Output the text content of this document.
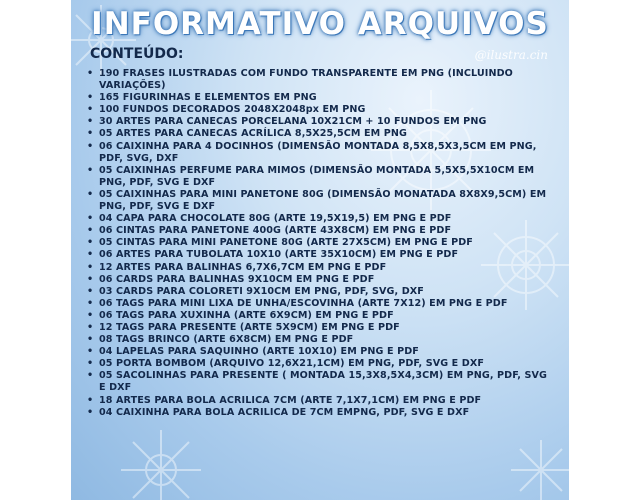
INFORMATIVO ARQUIVOS
CONTEÚDO:	@ilustra.cin
• 190 FRASES ILUSTRADAS COM FUNDO TRANSPARENTE EM PNG (INCLUINDO VARIAÇÕES)
• 165 FIGURINHAS E ELEMENTOS EM PNG
• 100 FUNDOS DECORADOS 2048X2048px EM PNG
• 30 ARTES PARA CANECAS PORCELANA 10X21CM + 10 FUNDOS EM PNG
• 05 ARTES PARA CANECAS ACRÍLICA 8,5X25,5CM EM PNG
• 06 CAIXINHA PARA 4 DOCINHOS (DIMENSÃO MONTADA 8,5X8,5X3,5CM EM PNG, PDF, SVG, DXF
• 05 CAIXINHAS PERFUME PARA MIMOS (DIMENSÃO MONTADA 5,5X5,5X10CM EM PNG, PDF, SVG E DXF
• 05 CAIXINHAS PARA MINI PANETONE 80G (DIMENSÃO MONATADA 8X8X9,5CM) EM PNG, PDF, SVG E DXF
• 04 CAPA PARA CHOCOLATE 80G (ARTE 19,5X19,5) EM PNG E PDF
• 06 CINTAS PARA PANETONE 400G (ARTE 43X8CM) EM PNG E PDF
• 05 CINTAS PARA MINI PANETONE 80G (ARTE 27X5CM) EM PNG E PDF
• 06 ARTES PARA TUBOLATA 10X10 (ARTE 35X10CM) EM PNG E PDF
• 12 ARTES PARA BALINHAS 6,7X6,7CM EM PNG E PDF
• 06 CARDS PARA BALINHAS 9X10CM EM PNG E PDF
• 03 CARDS PARA COLORETI 9X10CM EM PNG, PDF, SVG, DXF
• 06 TAGS PARA MINI LIXA DE UNHA/ESCOVINHA (ARTE 7X12) EM PNG E PDF
• 06 TAGS PARA XUXINHA (ARTE 6X9CM) EM PNG E PDF
• 12 TAGS PARA PRESENTE (ARTE 5X9CM) EM PNG E PDF
• 08 TAGS BRINCO (ARTE 6X8CM) EM PNG E PDF
• 04 LAPELAS PARA SAQUINHO (ARTE 10X10) EM PNG E PDF
• 05 PORTA BOMBOM (ARQUIVO 12,6X21,1CM) EM PNG, PDF, SVG E DXF
• 05 SACOLINHAS PARA PRESENTE ( MONTADA 15,3X8,5X4,3CM) EM PNG, PDF, SVG E DXF
• 18 ARTES PARA BOLA ACRILICA 7CM (ARTE 7,1X7,1CM) EM PNG E PDF
• 04 CAIXINHA PARA BOLA ACRILICA DE 7CM EMPNG, PDF, SVG E DXF
